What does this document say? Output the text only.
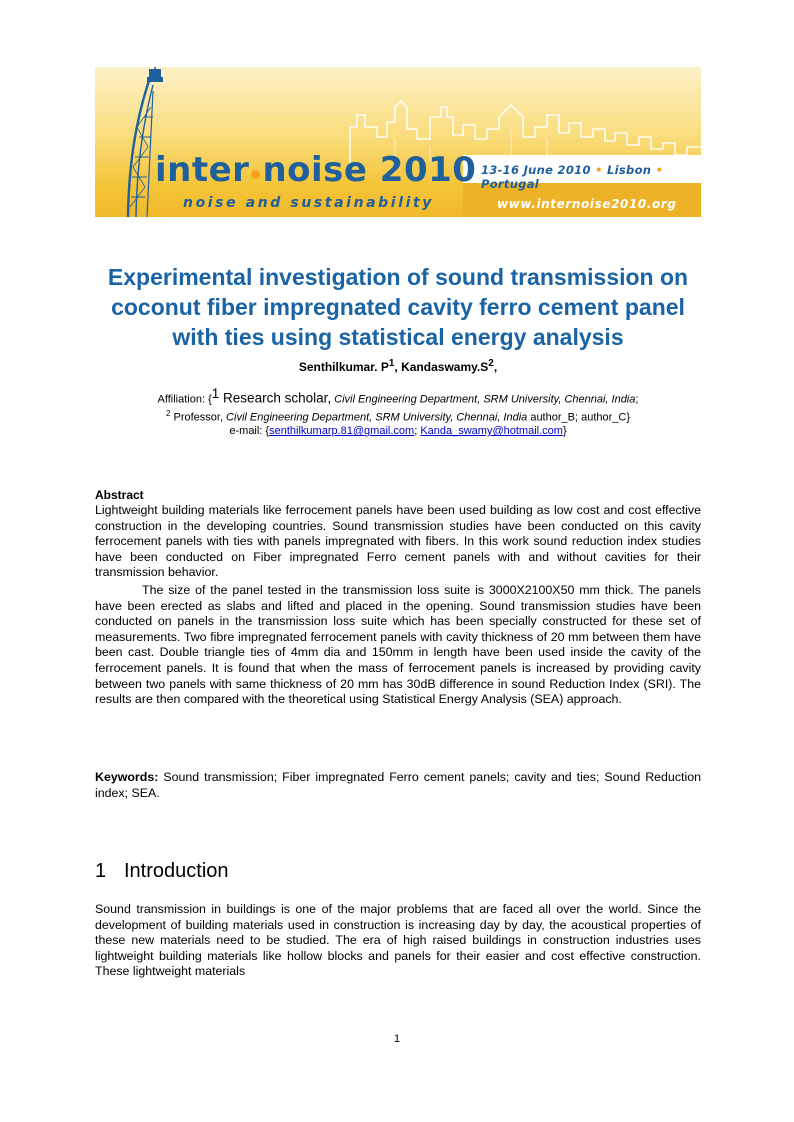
inter noise 2010
noise and sustainability
13-16 June 2010 • Lisbon • Portugal
www.internoise2010.org
Experimental investigation of sound transmission on coconut fiber impregnated cavity ferro cement panel with ties using statistical energy analysis
Senthilkumar. $P^1$, $Kandaswamy.S^2$,
Affiliation: {$^1$ Research scholar, Civil Engineering Department, SRM University, Chennai, India;
$^2$ Professor, Civil Engineering Department, SRM University, Chennai, India author_B; author_C}
e-mail: {senthilkumarp.81@gmail.com; Kanda_swamy@hotmail.com}
Abstract

Lightweight building materials like ferrocement panels have been used building as low cost and cost effective construction in the developing countries. Sound transmission studies have been conducted on this cavity ferrocement panels with ties with panels impregnated with fibers. In this work sound reduction index studies have been conducted on Fiber impregnated Ferro cement panels with and without cavities for their transmission behavior.

The size of the panel tested in the transmission loss suite is 3000X2100X50 mm thick. The panels have been erected as slabs and lifted and placed in the opening. Sound transmission studies have been conducted on panels in the transmission loss suite which has been specially constructed for these set of measurements. Two fibre impregnated ferrocement panels with cavity thickness of 20 mm between them have been cast. Double triangle ties of 4mm dia and 150mm in length have been used inside the cavity of the ferrocement panels. It is found that when the mass of ferrocement panels is increased by providing cavity between two panels with same thickness of 20 mm has 30dB difference in sound Reduction Index (SRI). The results are then compared with the theoretical using Statistical Energy Analysis (SEA) approach.

Keywords: Sound transmission; Fiber impregnated Ferro cement panels; cavity and ties; Sound Reduction index; SEA.

1 Introduction

Sound transmission in buildings is one of the major problems that are faced all over the world. Since the development of building materials used in construction is increasing day by day, the acoustical properties of these new materials need to be studied. The era of high raised buildings in construction industries uses lightweight building materials like hollow blocks and panels for their easier and cost effective construction. These lightweight materials

1
